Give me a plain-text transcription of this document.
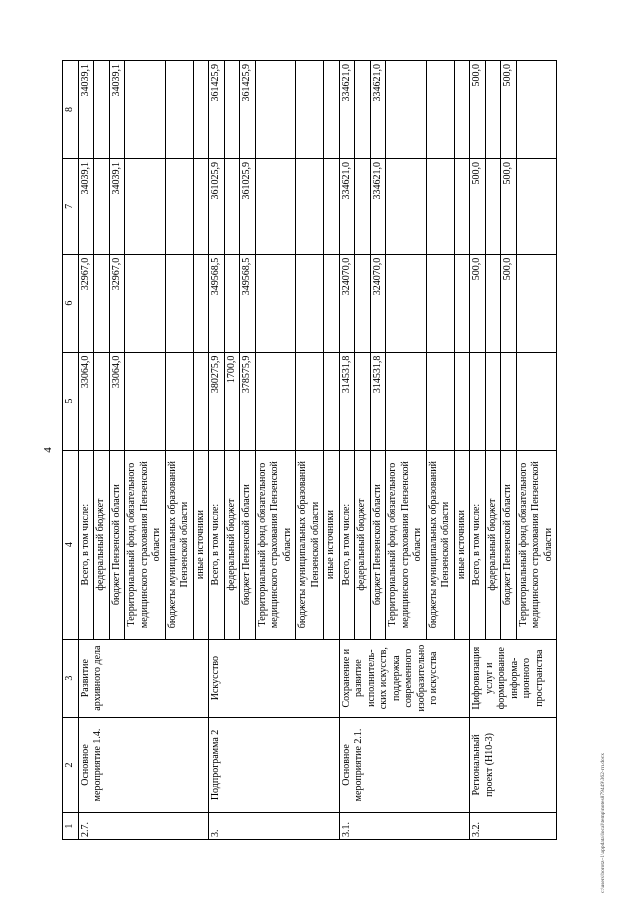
4
1	2	3	4	5	6	7	8
2.7.	Основное мероприятие 1.4.	Развитие архивного дела	Всего, в том числе:	33064,0	32967,0	34039,1	34039,1
			федеральный бюджет				
			бюджет Пензенской области	33064,0	32967,0	34039,1	34039,1
			Территориальный фонд обязательного медицинского страхования Пензенской области				
			бюджеты муниципальных образований Пензенской области				
			иные источники				
3.	Подпрограмма 2	Искусство	Всего, в том числе:	380275,9	349568,5	361025,9	361425,9
			федеральный бюджет	1700,0			
			бюджет Пензенской области	378575,9	349568,5	361025,9	361425,9
			Территориальный фонд обязательного медицинского страхования Пензенской области				
			бюджеты муниципальных образований Пензенской области				
			иные источники				
3.1.	Основное мероприятие 2.1.	Сохранение и развитие исполнитель-ских искусств, поддержка современного изобразительно го искусства	Всего, в том числе:	314531,8	324070,0	334621,0	334621,0
			федеральный бюджет				
			бюджет Пензенской области	314531,8	324070,0	334621,0	334621,0
			Территориальный фонд обязательного медицинского страхования Пензенской области				
			бюджеты муниципальных образований Пензенской области				
			иные источники				
3.2.	Региональный проект (Н10-3)	Цифровизация услуг и формирование информа-ционного пространства	Всего, в том числе:		500,0	500,0	500,0
			федеральный бюджет				
			бюджет Пензенской области		500,0	500,0	500,0
			Территориальный фонд обязательного медицинского страхования Пензенской области				
c:\users\borotz~1\appdata\local\temp\notes879449\362-гп.docx
